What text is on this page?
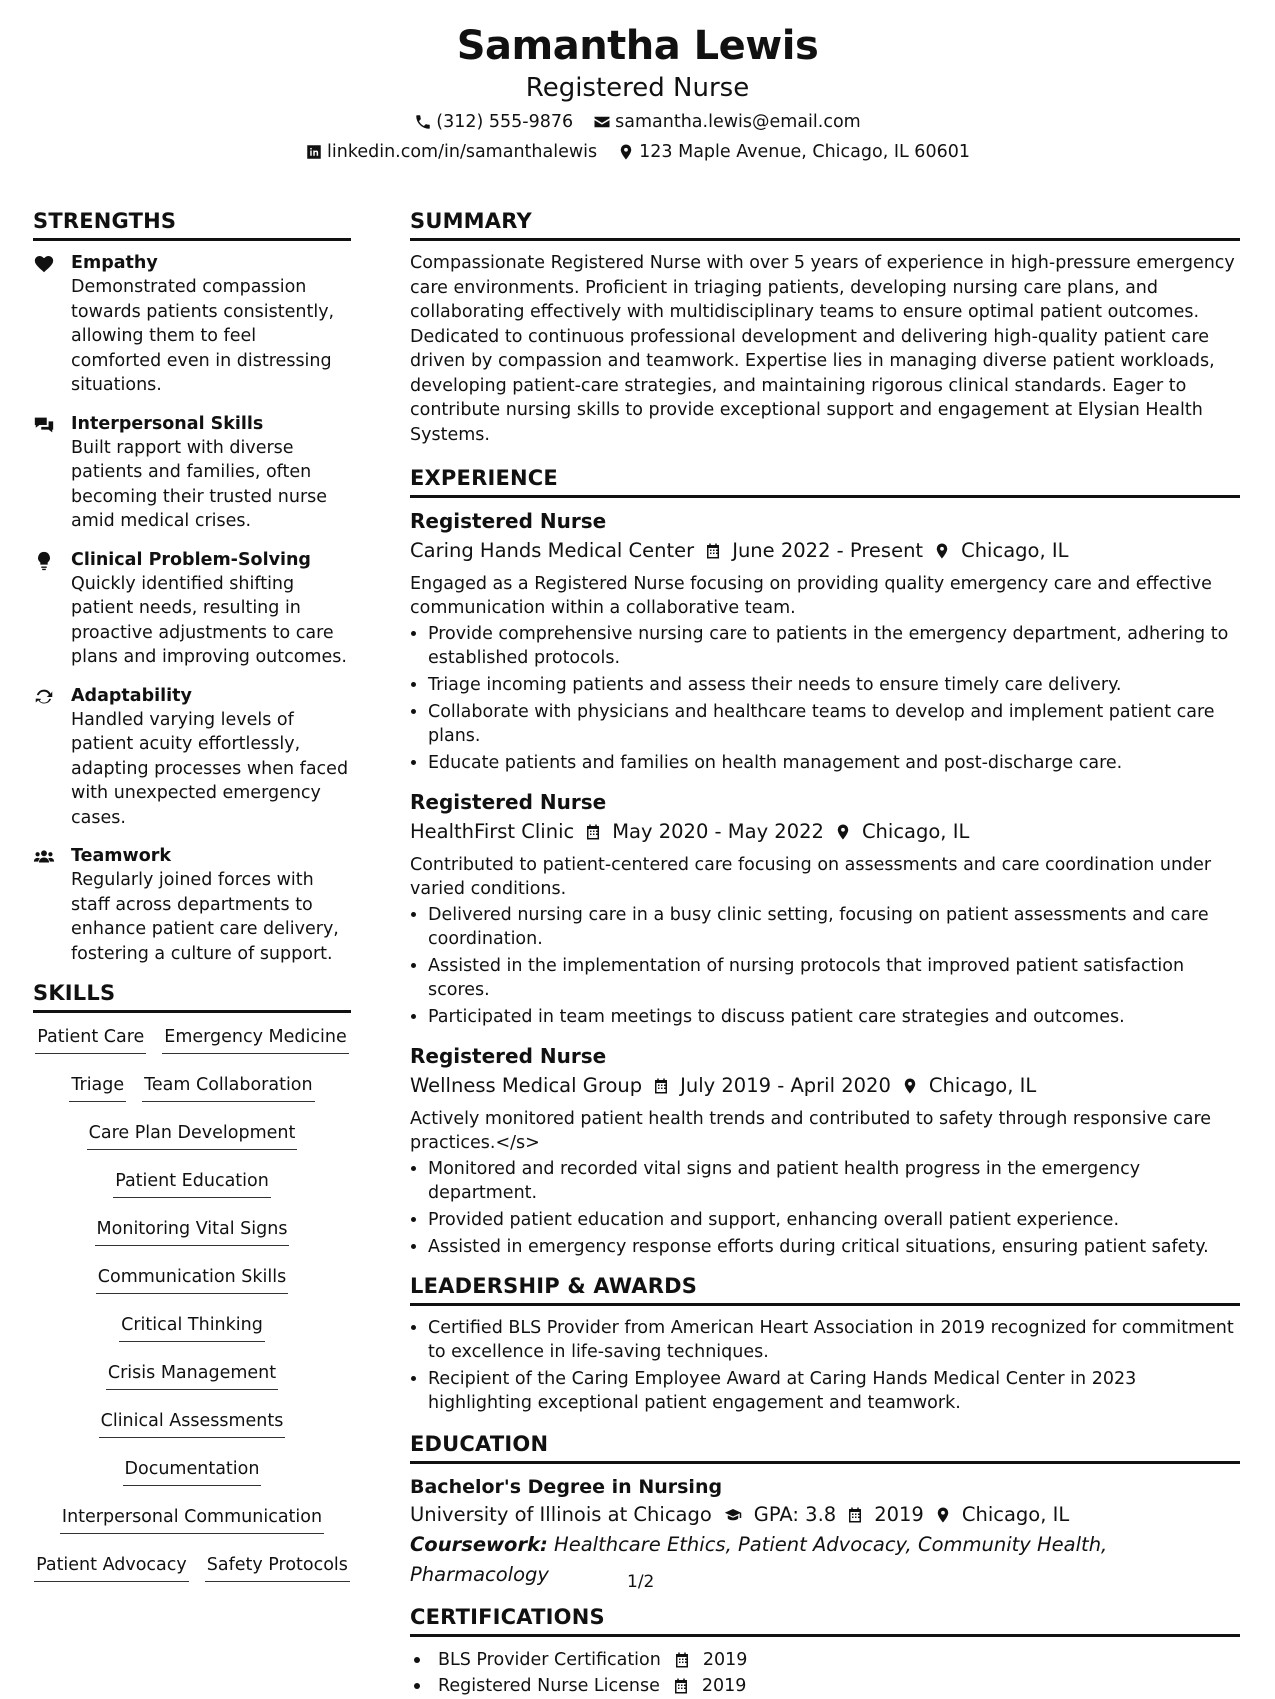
Samantha Lewis
Registered Nurse
(312) 555-9876 samantha.lewis@email.com
linkedin.com/in/samanthalewis 123 Maple Avenue, Chicago, IL 60601
STRENGTHS
Empathy
Demonstrated compassion towards patients consistently, allowing them to feel comforted even in distressing situations.
Interpersonal Skills
Built rapport with diverse patients and families, often becoming their trusted nurse amid medical crises.
Clinical Problem-Solving
Quickly identified shifting patient needs, resulting in proactive adjustments to care plans and improving outcomes.
Adaptability
Handled varying levels of patient acuity effortlessly, adapting processes when faced with unexpected emergency cases.
Teamwork
Regularly joined forces with staff across departments to enhance patient care delivery, fostering a culture of support.
SKILLS
Patient Care Emergency Medicine
Triage Team Collaboration
Care Plan Development
Patient Education
Monitoring Vital Signs
Communication Skills
Critical Thinking
Crisis Management
Clinical Assessments
Documentation
Interpersonal Communication
Patient Advocacy Safety Protocols
SUMMARY
Compassionate Registered Nurse with over 5 years of experience in high-pressure emergency care environments. Proficient in triaging patients, developing nursing care plans, and collaborating effectively with multidisciplinary teams to ensure optimal patient outcomes. Dedicated to continuous professional development and delivering high-quality patient care driven by compassion and teamwork. Expertise lies in managing diverse patient workloads, developing patient-care strategies, and maintaining rigorous clinical standards. Eager to contribute nursing skills to provide exceptional support and engagement at Elysian Health Systems.
EXPERIENCE
Registered Nurse
Caring Hands Medical Center June 2022 - Present Chicago, IL
Engaged as a Registered Nurse focusing on providing quality emergency care and effective communication within a collaborative team.
• Provide comprehensive nursing care to patients in the emergency department, adhering to established protocols.
• Triage incoming patients and assess their needs to ensure timely care delivery.
• Collaborate with physicians and healthcare teams to develop and implement patient care plans.
• Educate patients and families on health management and post-discharge care.
Registered Nurse
HealthFirst Clinic May 2020 - May 2022 Chicago, IL
Contributed to patient-centered care focusing on assessments and care coordination under varied conditions.
• Delivered nursing care in a busy clinic setting, focusing on patient assessments and care coordination.
• Assisted in the implementation of nursing protocols that improved patient satisfaction scores.
• Participated in team meetings to discuss patient care strategies and outcomes.
Registered Nurse
Wellness Medical Group July 2019 - April 2020 Chicago, IL
Actively monitored patient health trends and contributed to safety through responsive care practices.</s>
• Monitored and recorded vital signs and patient health progress in the emergency department.
• Provided patient education and support, enhancing overall patient experience.
• Assisted in emergency response efforts during critical situations, ensuring patient safety.
LEADERSHIP & AWARDS
• Certified BLS Provider from American Heart Association in 2019 recognized for commitment to excellence in life-saving techniques.
• Recipient of the Caring Employee Award at Caring Hands Medical Center in 2023 highlighting exceptional patient engagement and teamwork.
EDUCATION
Bachelor's Degree in Nursing
University of Illinois at Chicago GPA: 3.8 2019 Chicago, IL
Coursework: Healthcare Ethics, Patient Advocacy, Community Health, Pharmacology
CERTIFICATIONS
BLS Provider Certification 2019
Registered Nurse License 2019
1/2
